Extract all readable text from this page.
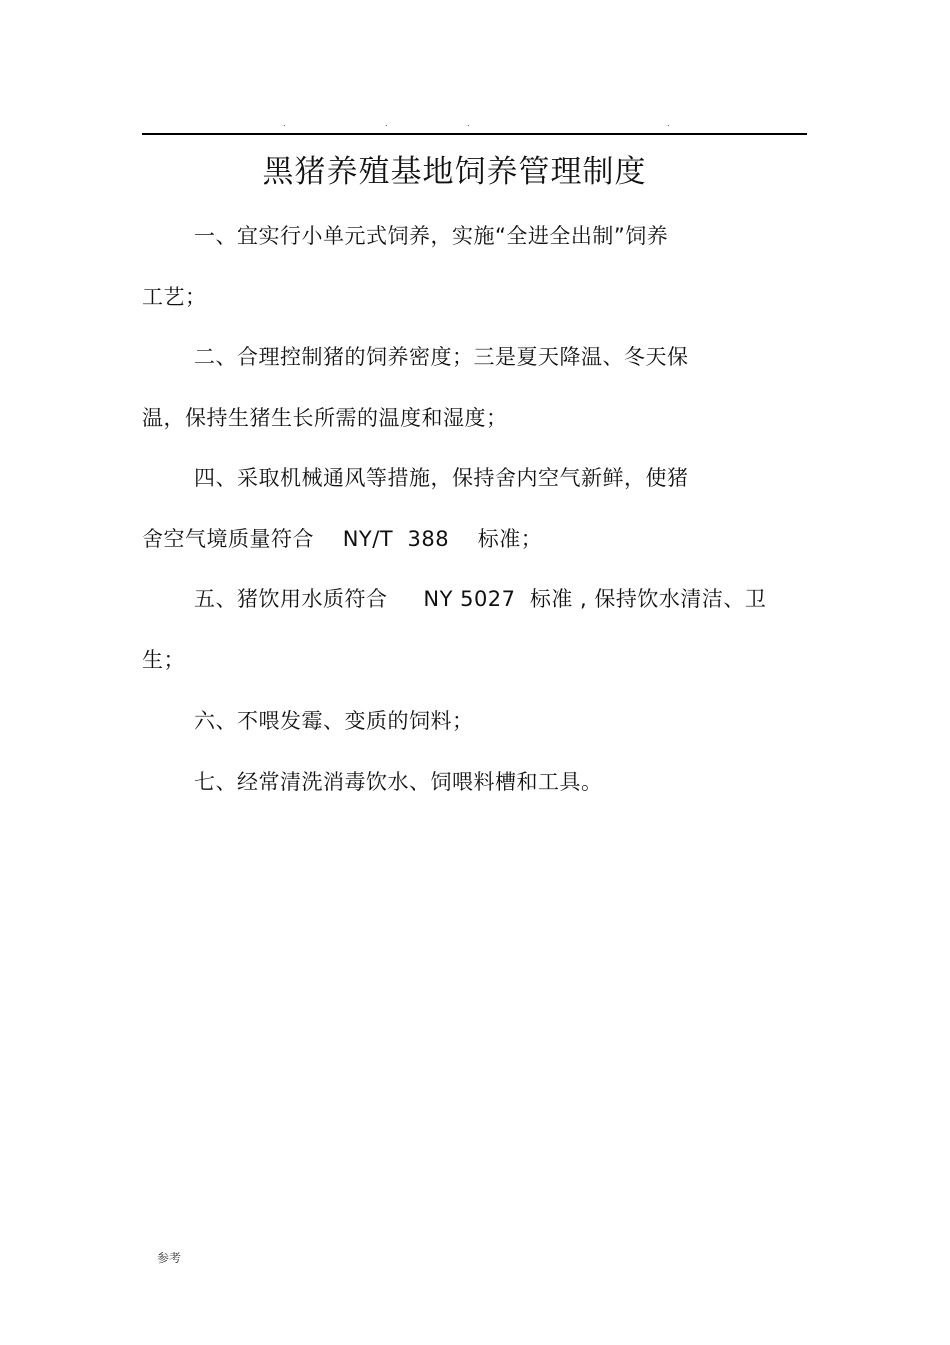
.	.	.	.
黑猪养殖基地饲养管理制度

一、宜实行小单元式饲养，实施“全进全出制”饲养

工艺；

二、合理控制猪的饲养密度；三是夏天降温、冬天保

温，保持生猪生长所需的温度和湿度；

四、采取机械通风等措施，保持舍内空气新鲜，使猪

舍空气境质量符合    NY/T  388    标准；

五、猪饮用水质符合     NY 5027  标准 , 保持饮水清洁、卫

生；

六、不喂发霉、变质的饲料；

七、经常清洗消毒饮水、饲喂料槽和工具。

参考
